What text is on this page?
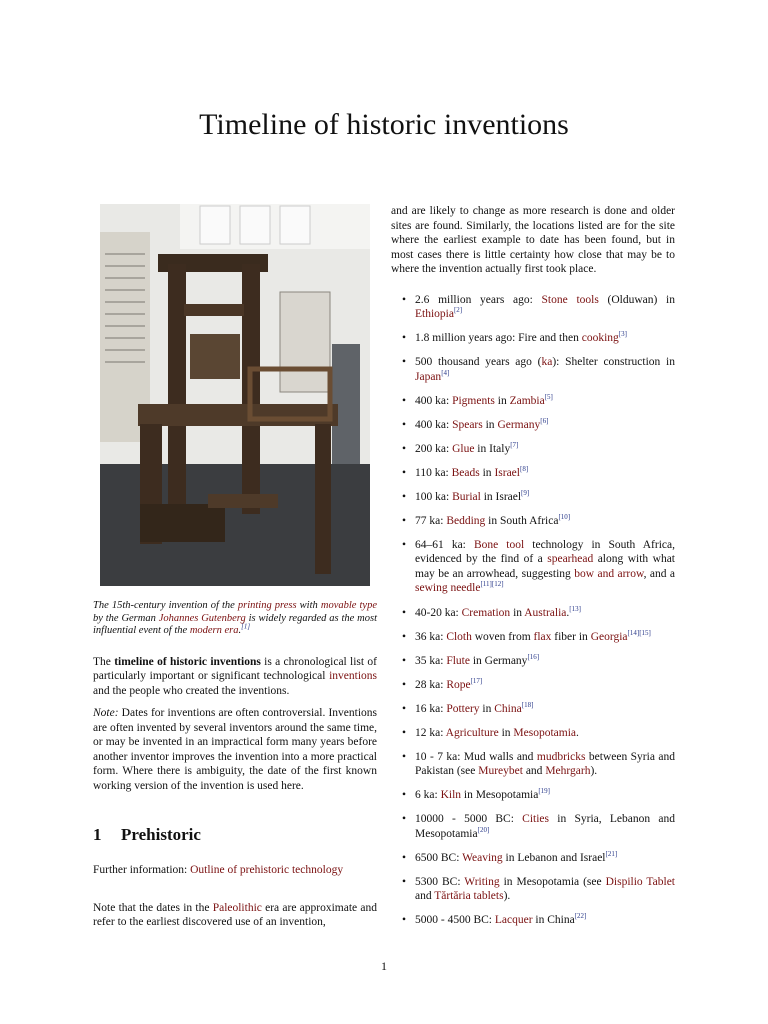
Timeline of historic inventions

The 15th-century invention of the printing press with movable type by the German Johannes Gutenberg is widely regarded as the most influential event of the modern era.[1]

The timeline of historic inventions is a chronological list of particularly important or significant technological inventions and the people who created the inventions.

Note: Dates for inventions are often controversial. Inventions are often invented by several inventors around the same time, or may be invented in an impractical form many years before another inventor improves the invention into a more practical form. Where there is ambiguity, the date of the first known working version of the invention is used here.

1 Prehistoric

Further information: Outline of prehistoric technology

Note that the dates in the Paleolithic era are approximate and refer to the earliest discovered use of an invention,

and are likely to change as more research is done and older sites are found. Similarly, the locations listed are for the site where the earliest example to date has been found, but in most cases there is little certainty how close that may be to where the invention actually first took place.

• 2.6 million years ago: Stone tools (Olduwan) in Ethiopia[2]
• 1.8 million years ago: Fire and then cooking[3]
• 500 thousand years ago (ka): Shelter construction in Japan[4]
• 400 ka: Pigments in Zambia[5]
• 400 ka: Spears in Germany[6]
• 200 ka: Glue in Italy[7]
• 110 ka: Beads in Israel[8]
• 100 ka: Burial in Israel[9]
• 77 ka: Bedding in South Africa[10]
• 64–61 ka: Bone tool technology in South Africa, evidenced by the find of a spearhead along with what may be an arrowhead, suggesting bow and arrow, and a sewing needle[11][12]
• 40-20 ka: Cremation in Australia.[13]
• 36 ka: Cloth woven from flax fiber in Georgia[14][15]
• 35 ka: Flute in Germany[16]
• 28 ka: Rope[17]
• 16 ka: Pottery in China[18]
• 12 ka: Agriculture in Mesopotamia.
• 10 - 7 ka: Mud walls and mudbricks between Syria and Pakistan (see Mureybet and Mehrgarh).
• 6 ka: Kiln in Mesopotamia[19]
• 10000 - 5000 BC: Cities in Syria, Lebanon and Mesopotamia[20]
• 6500 BC: Weaving in Lebanon and Israel[21]
• 5300 BC: Writing in Mesopotamia (see Dispilio Tablet and Tărtăria tablets).
• 5000 - 4500 BC: Lacquer in China[22]
1
